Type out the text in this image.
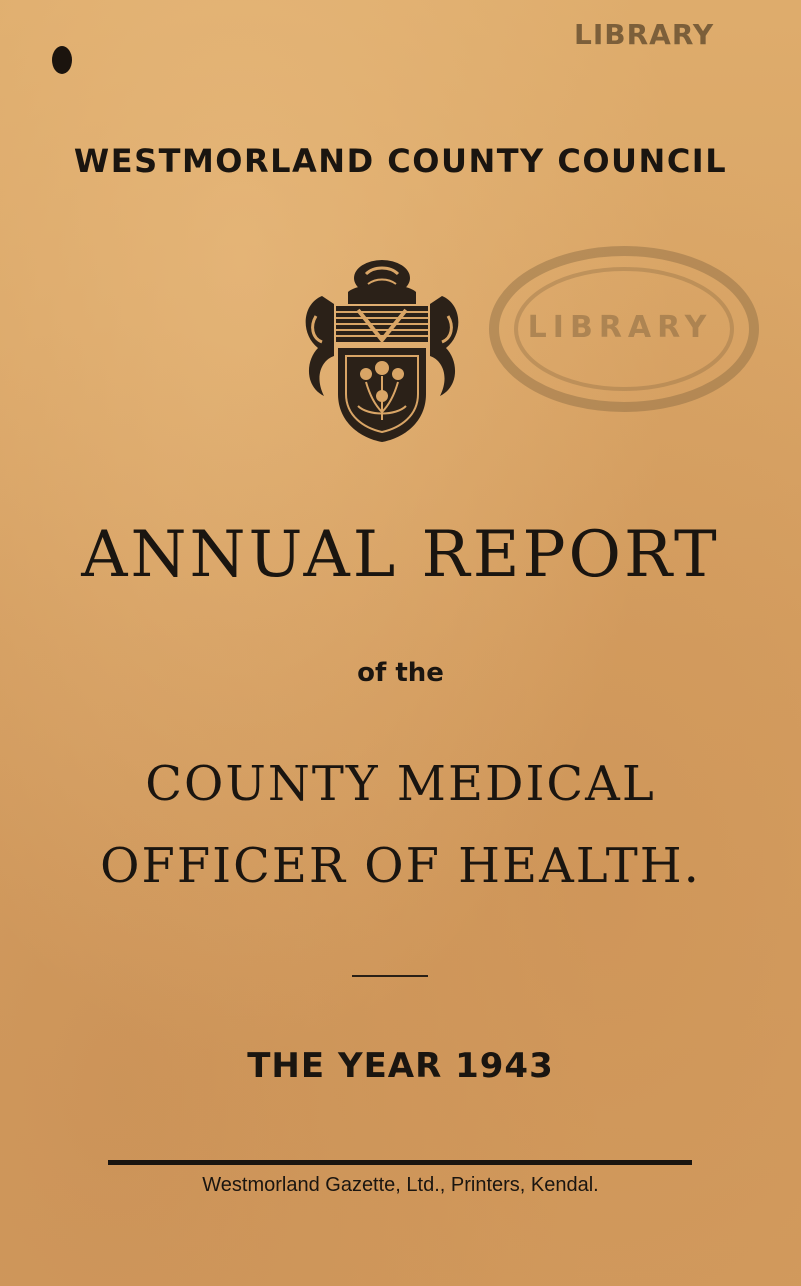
LIBRARY
WESTMORLAND COUNTY COUNCIL
LIBRARY
ANNUAL REPORT
of the
COUNTY MEDICAL
OFFICER OF HEALTH.
THE YEAR 1943
Westmorland Gazette, Ltd., Printers, Kendal.
